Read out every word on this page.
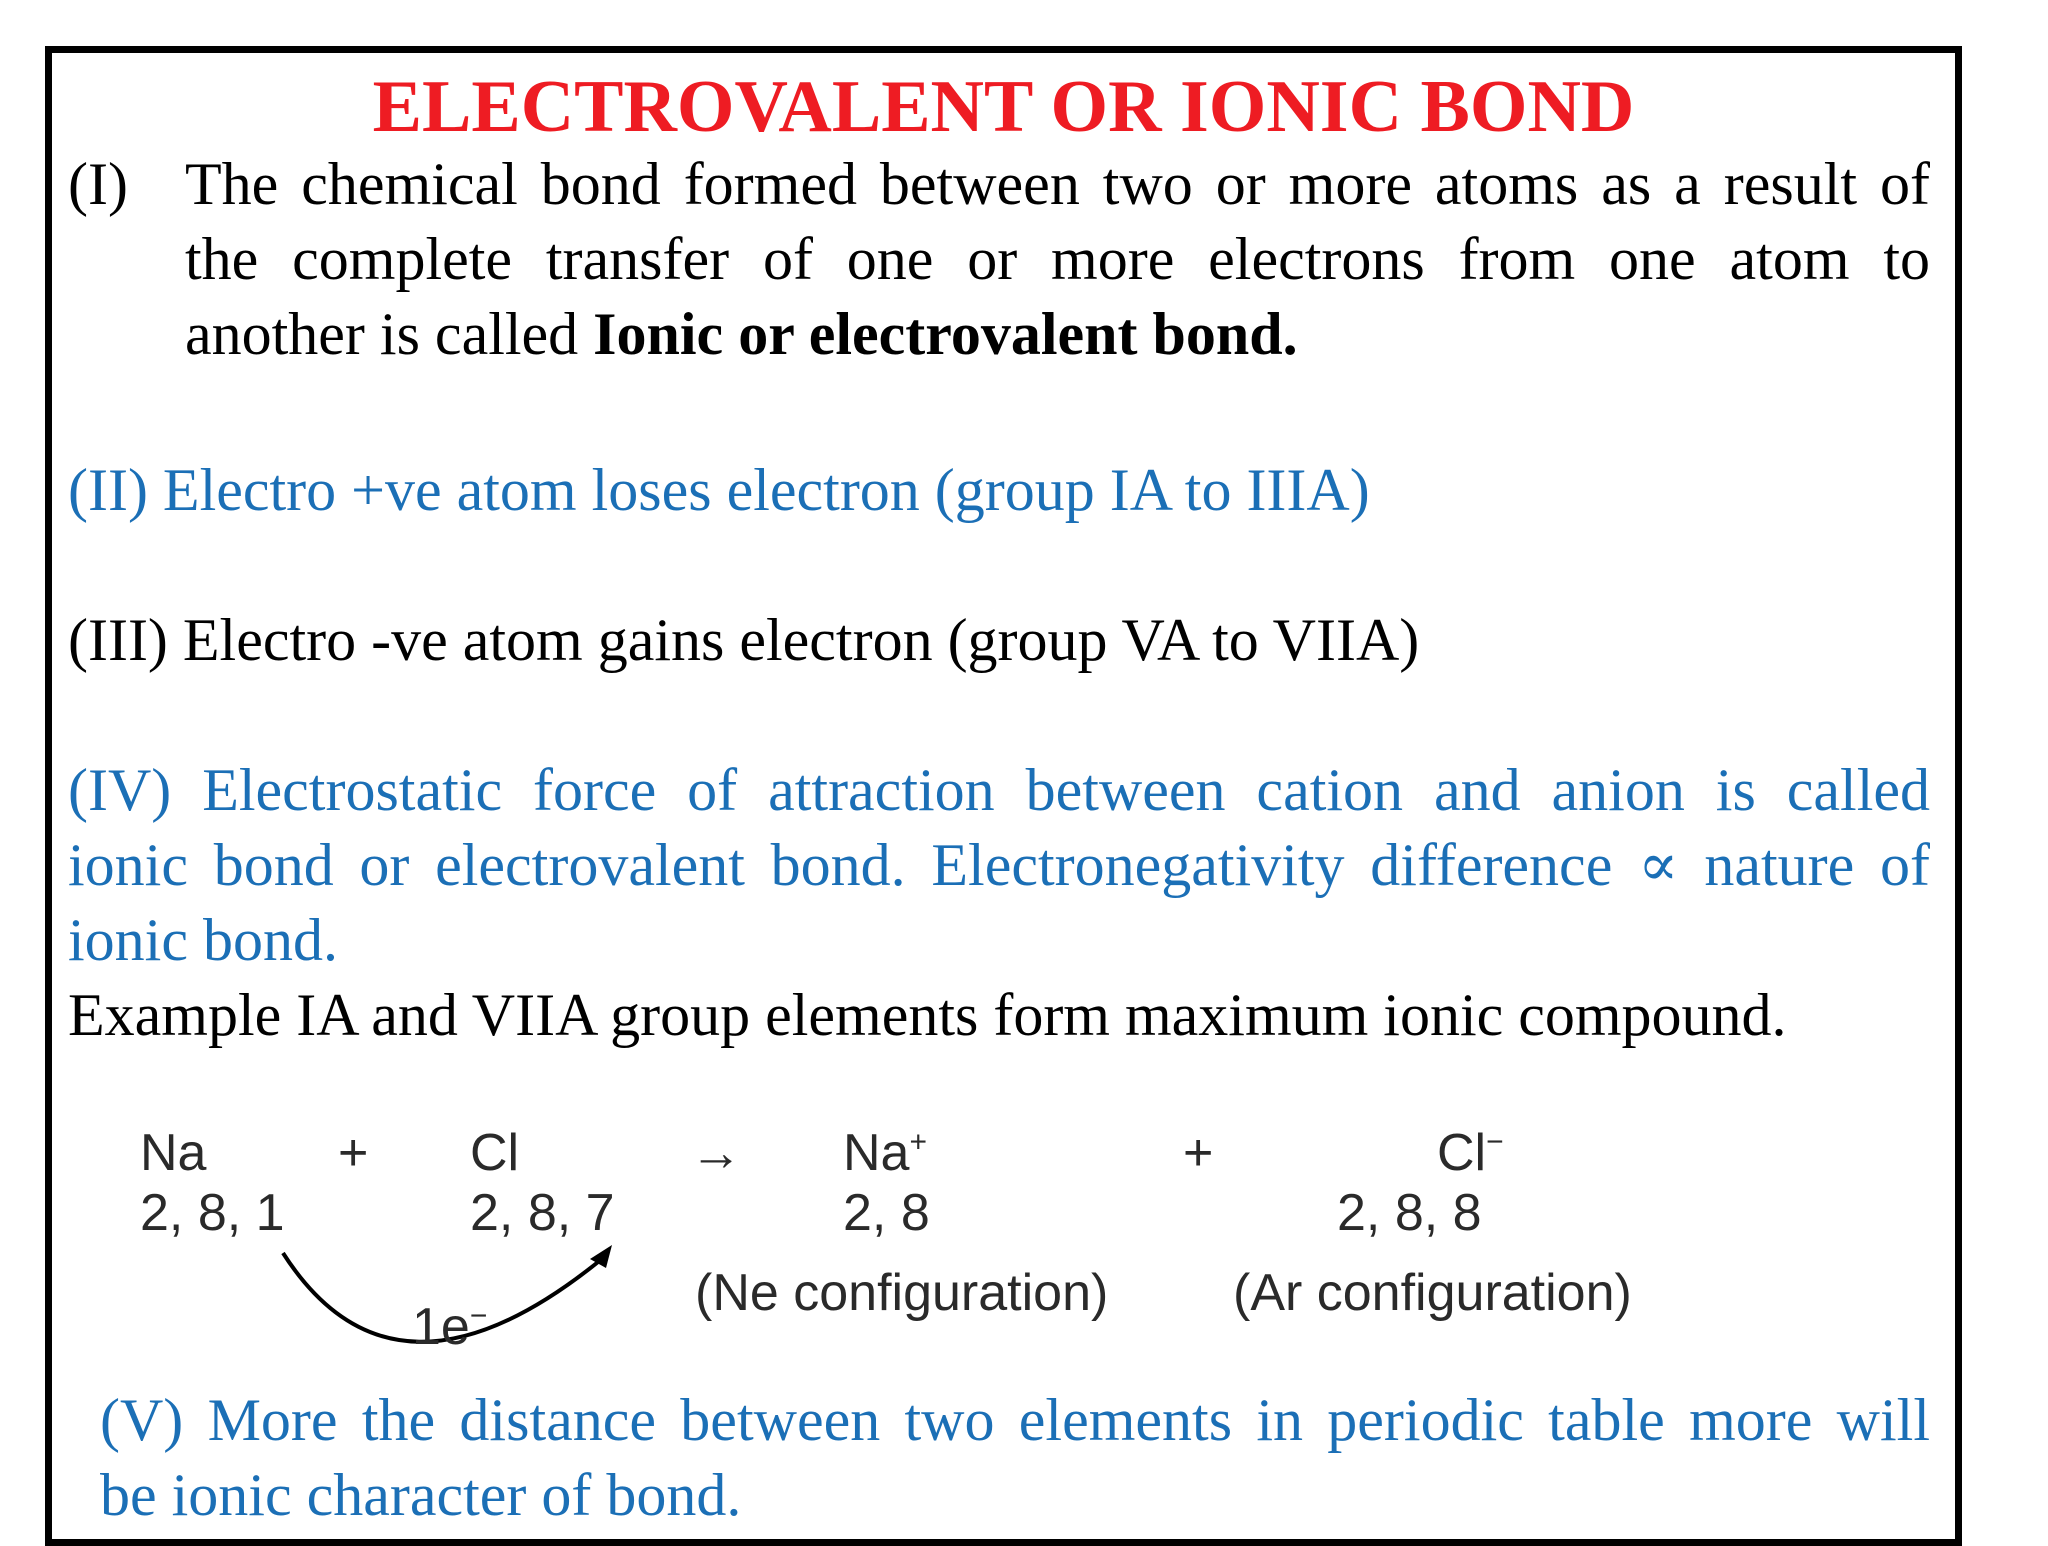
ELECTROVALENT OR IONIC BOND
(I) The chemical bond formed between two or more atoms as a result of
the complete transfer of one or more electrons from one atom to
another is called Ionic or electrovalent bond.
(II) Electro +ve atom loses electron (group IA to IIIA)
(III) Electro -ve atom gains electron (group VA to VIIA)
(IV) Electrostatic force of attraction between cation and anion is called
ionic bond or electrovalent bond. Electronegativity difference ∝ nature of
ionic bond.
Example IA and VIIA group elements form maximum ionic compound.
Na
2, 8, 1
+ Cl
2, 8, 7
→ Na+
2, 8
(Ne configuration)
+	Cl−
2, 8, 8
(Ar configuration)
1e−
(V) More the distance between two elements in periodic table more will
be ionic character of bond.
